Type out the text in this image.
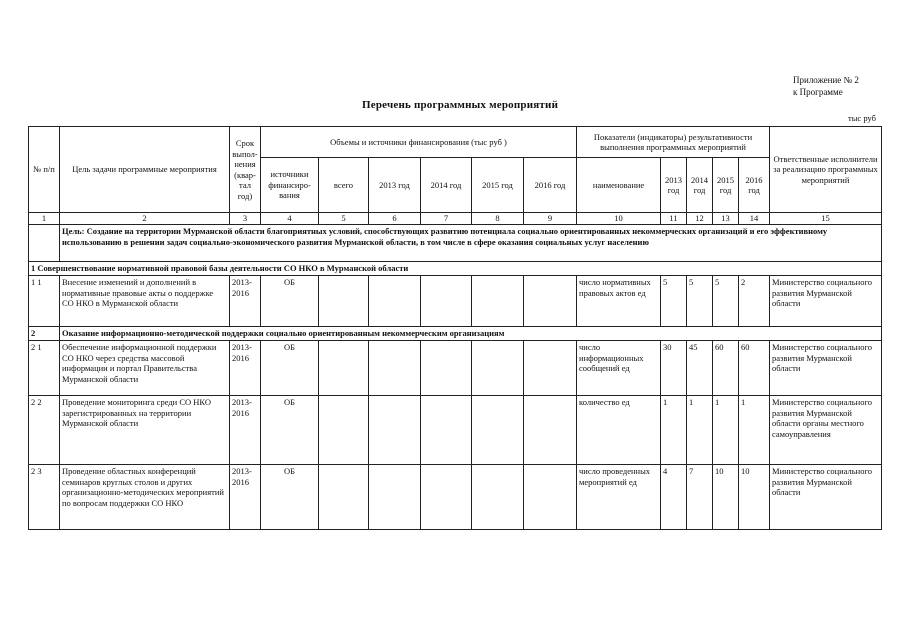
Приложение № 2
к Программе
Перечень программных мероприятий
тыс руб
№ п/п	Цель задачи программные мероприятия	Срок выпол-нения (квар-тал год)	Объемы и источники финансирования (тыс руб )						Показатели (индикаторы) результативности выполнения программных мероприятий					Ответственные исполнители за реализацию программных мероприятий
			источники финансиро-вания	всего	2013 год	2014 год	2015 год	2016 год	наименование	2013 год	2014 год	2015 год	2016 год	
1	2	3	4	5	6	7	8	9	10	11	12	13	14	15
	Цель: Создание на территории Мурманской области благоприятных условий, способствующих развитию потенциала социально ориентированных некоммерческих организаций и его эффективному использованию в решении задач социально-экономического развития Мурманской области, в том числе в сфере оказания социальных услуг населению													
1 Совершенствование нормативной правовой базы деятельности СО НКО в Мурманской области														
1 1	Внесение изменений и дополнений в нормативные правовые акты о поддержке СО НКО в Мурманской области	2013-2016	ОБ						число нормативных правовых актов ед	5	5	5	2	Министерство социального развития Мурманской области
2	Оказание информационно-методической поддержки социально ориентированным некоммерческим организациям													
2 1	Обеспечение информационной поддержки СО НКО через средства массовой информации и портал Правительства Мурманской области	2013-2016	ОБ						число информационных сообщений ед	30	45	60	60	Министерство социального развития Мурманской области
2 2	Проведение мониторинга среди СО НКО зарегистрированных на территории Мурманской области	2013-2016	ОБ						количество ед	1	1	1	1	Министерство социального развития Мурманской области органы местного самоуправления
2 3	Проведение областных конференций семинаров круглых столов и других организационно-методических мероприятий по вопросам поддержки СО НКО	2013-2016	ОБ						число проведенных мероприятий ед	4	7	10	10	Министерство социального развития Мурманской области
